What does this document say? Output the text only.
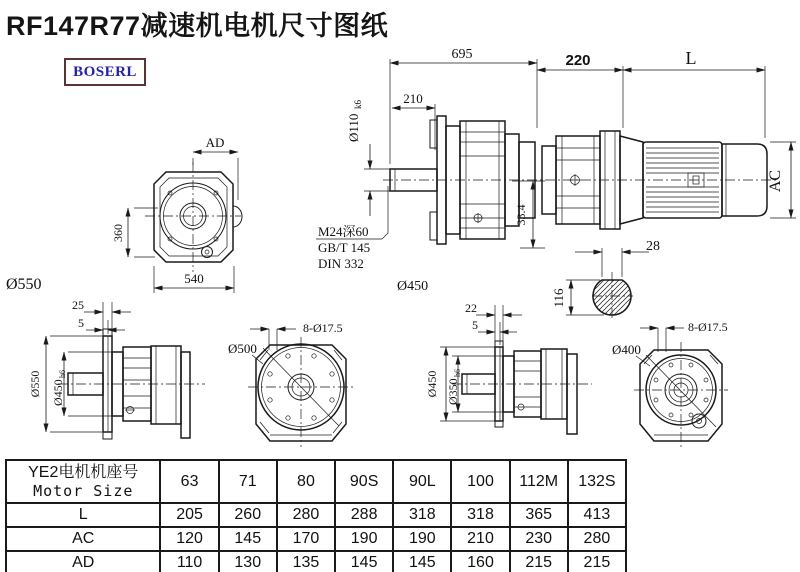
RF147R77减速机电机尺寸图纸
BOSERL
AD
360
540
Ø550
695
210
Ø110
k6
220	L
AC
M24深60
GB/T 145
DIN 332
33.4
Ø450
28
116
25
5
Ø550 Ø450
h6
Ø500
8-Ø17.5
22
5
Ø450 Ø350
h6
Ø400
8-Ø17.5
YE2电机机座号
Motor Size	63	71	80	90S	90L	100	112M	132S
L	205	260	280	288	318	318	365	413
AC	120	145	170	190	190	210	230	280
AD	110	130	135	145	145	160	215	215
